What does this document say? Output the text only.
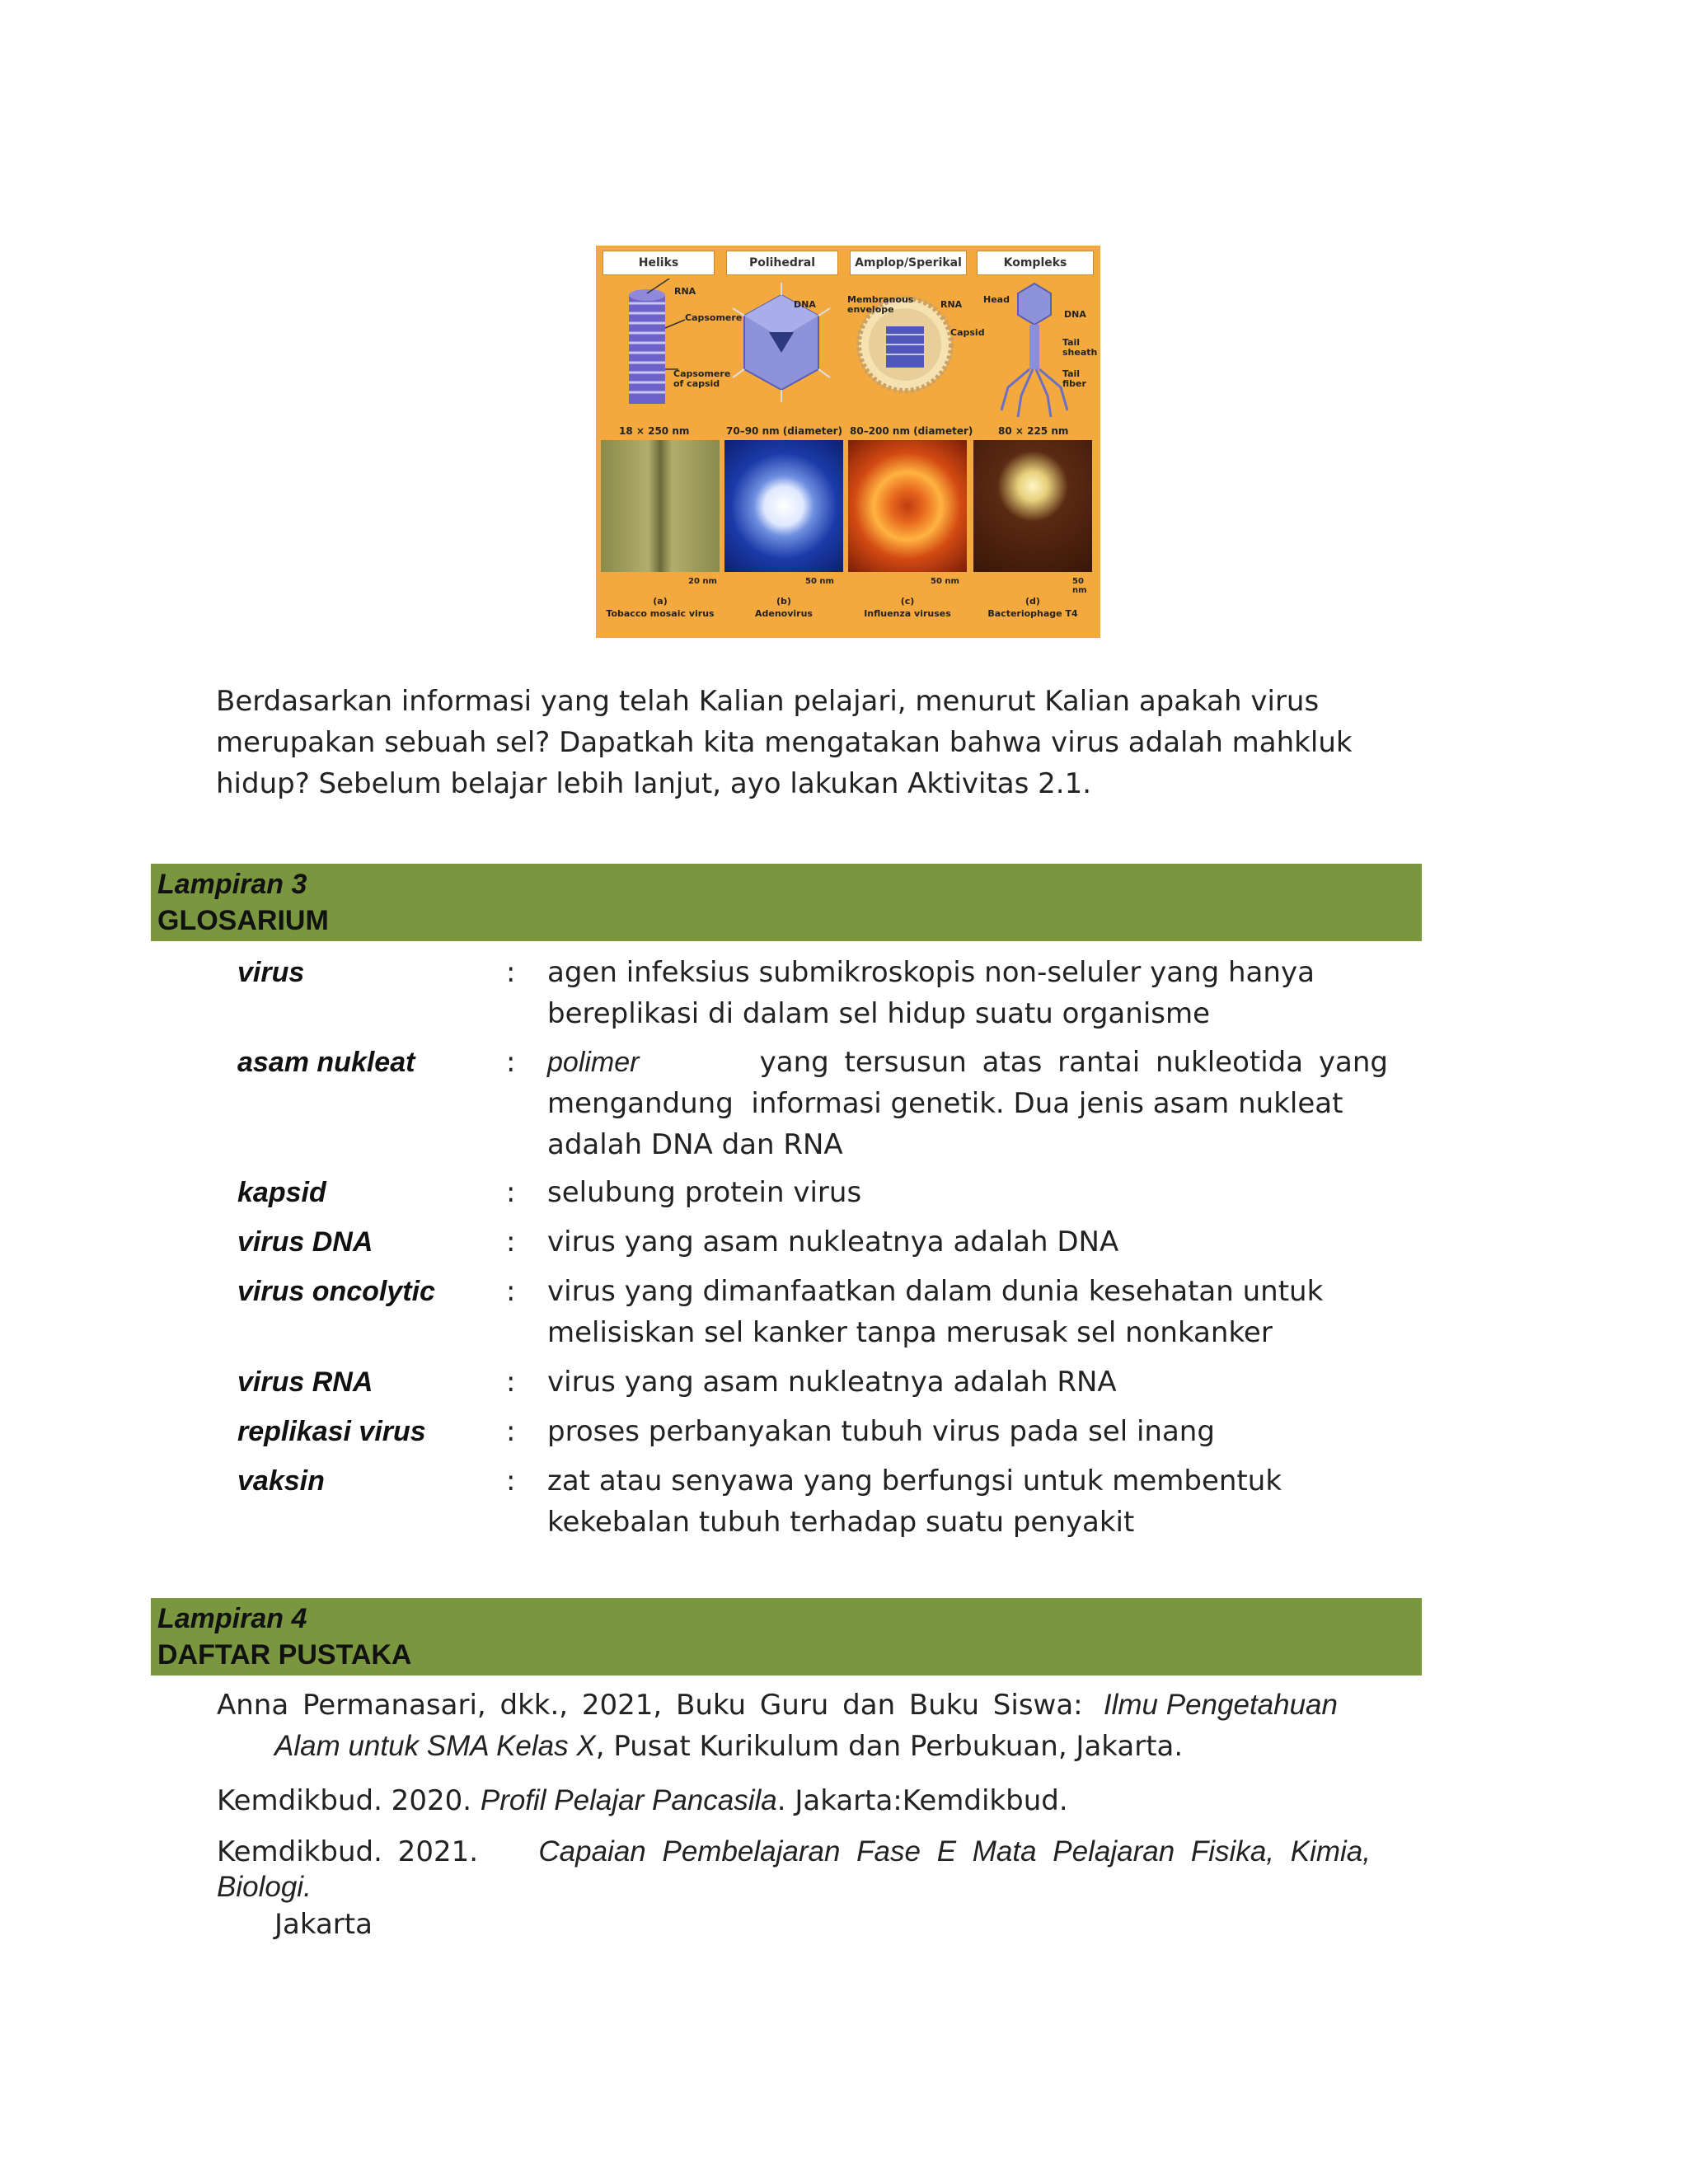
Heliks	Polihedral	Amplop/Sperikal	Kompleks
RNA
Capsomere
Capsomere of capsid
DNA	Membranous envelope	RNA
Capsid
Head
DNA
Tail sheath
Tail fiber
18 × 250 nm	70–90 nm (diameter) 80–200 nm (diameter)	80 × 225 nm
20 nm	50 nm	50 nm	50 nm
(a)
Tobacco mosaic virus
(b)
Adenovirus
(c)
Influenza viruses
(d)
Bacteriophage T4
Berdasarkan informasi yang telah Kalian pelajari, menurut Kalian apakah virus
merupakan sebuah sel? Dapatkah kita mengatakan bahwa virus adalah mahkluk
hidup? Sebelum belajar lebih lanjut, ayo lakukan Aktivitas 2.1.
Lampiran 3
GLOSARIUM
virus	: agen infeksius submikroskopis non-seluler yang hanya
bereplikasi di dalam sel hidup suatu organisme
asam nukleat	: polimer	yang tersusun atas rantai nukleotida yang
mengandung  informasi genetik. Dua jenis asam nukleat
adalah DNA dan RNA
kapsid	: selubung protein virus
virus DNA	: virus yang asam nukleatnya adalah DNA
virus oncolytic	: virus yang dimanfaatkan dalam dunia kesehatan untuk
melisiskan sel kanker tanpa merusak sel nonkanker
virus RNA	: virus yang asam nukleatnya adalah RNA
replikasi virus	: proses perbanyakan tubuh virus pada sel inang
vaksin	: zat atau senyawa yang berfungsi untuk membentuk
kekebalan tubuh terhadap suatu penyakit
Lampiran 4
DAFTAR PUSTAKA
Anna Permanasari, dkk., 2021, Buku Guru dan Buku Siswa: Ilmu Pengetahuan
Alam untuk SMA Kelas X, Pusat Kurikulum dan Perbukuan, Jakarta.
Kemdikbud. 2020. Profil Pelajar Pancasila. Jakarta:Kemdikbud.
Kemdikbud. 2021. Capaian Pembelajaran Fase E Mata Pelajaran Fisika, Kimia,
Biologi.
Jakarta
